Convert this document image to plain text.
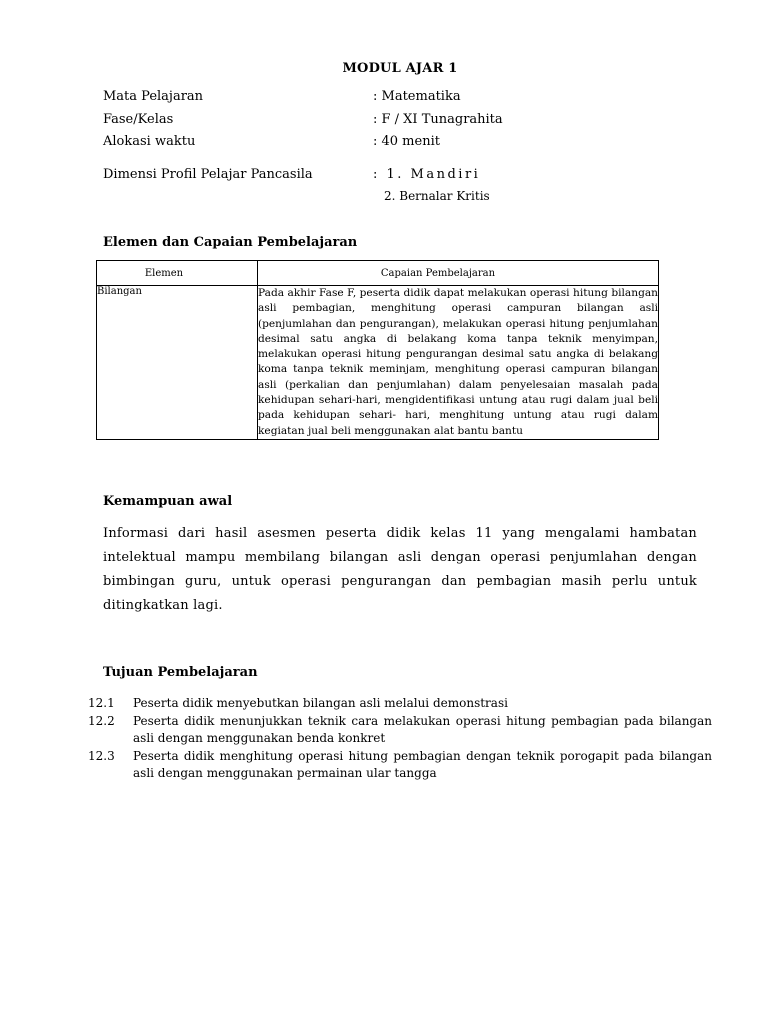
MODUL AJAR 1
Mata Pelajaran	: Matematika
Fase/Kelas	: F / XI Tunagrahita
Alokasi waktu	: 40 menit
Dimensi Profil Pelajar Pancasila	: 1. Mandiri
2. Bernalar Kritis
Elemen dan Capaian Pembelajaran
Elemen	Capaian Pembelajaran
Bilangan	Pada akhir Fase F, peserta didik dapat melakukan operasi hitung bilangan asli pembagian, menghitung operasi campuran bilangan asli (penjumlahan dan pengurangan), melakukan operasi hitung penjumlahan desimal satu angka di belakang koma tanpa teknik menyimpan, melakukan operasi hitung pengurangan desimal satu angka di belakang koma tanpa teknik meminjam, menghitung operasi campuran bilangan asli (perkalian dan penjumlahan) dalam penyelesaian masalah pada kehidupan sehari-hari, mengidentifikasi untung atau rugi dalam jual beli pada kehidupan sehari- hari, menghitung untung atau rugi dalam kegiatan jual beli menggunakan alat bantu bantu
Kemampuan awal
Informasi dari hasil asesmen peserta didik kelas 11 yang mengalami hambatan intelektual mampu membilang bilangan asli dengan operasi penjumlahan dengan bimbingan guru, untuk operasi pengurangan dan pembagian masih perlu untuk ditingkatkan lagi.
Tujuan Pembelajaran
12.1 Peserta didik menyebutkan bilangan asli melalui demonstrasi
12.2 Peserta didik menunjukkan teknik cara melakukan operasi hitung pembagian pada bilangan asli dengan menggunakan benda konkret
12.3 Peserta didik menghitung operasi hitung pembagian dengan teknik porogapit pada bilangan asli dengan menggunakan permainan ular tangga
